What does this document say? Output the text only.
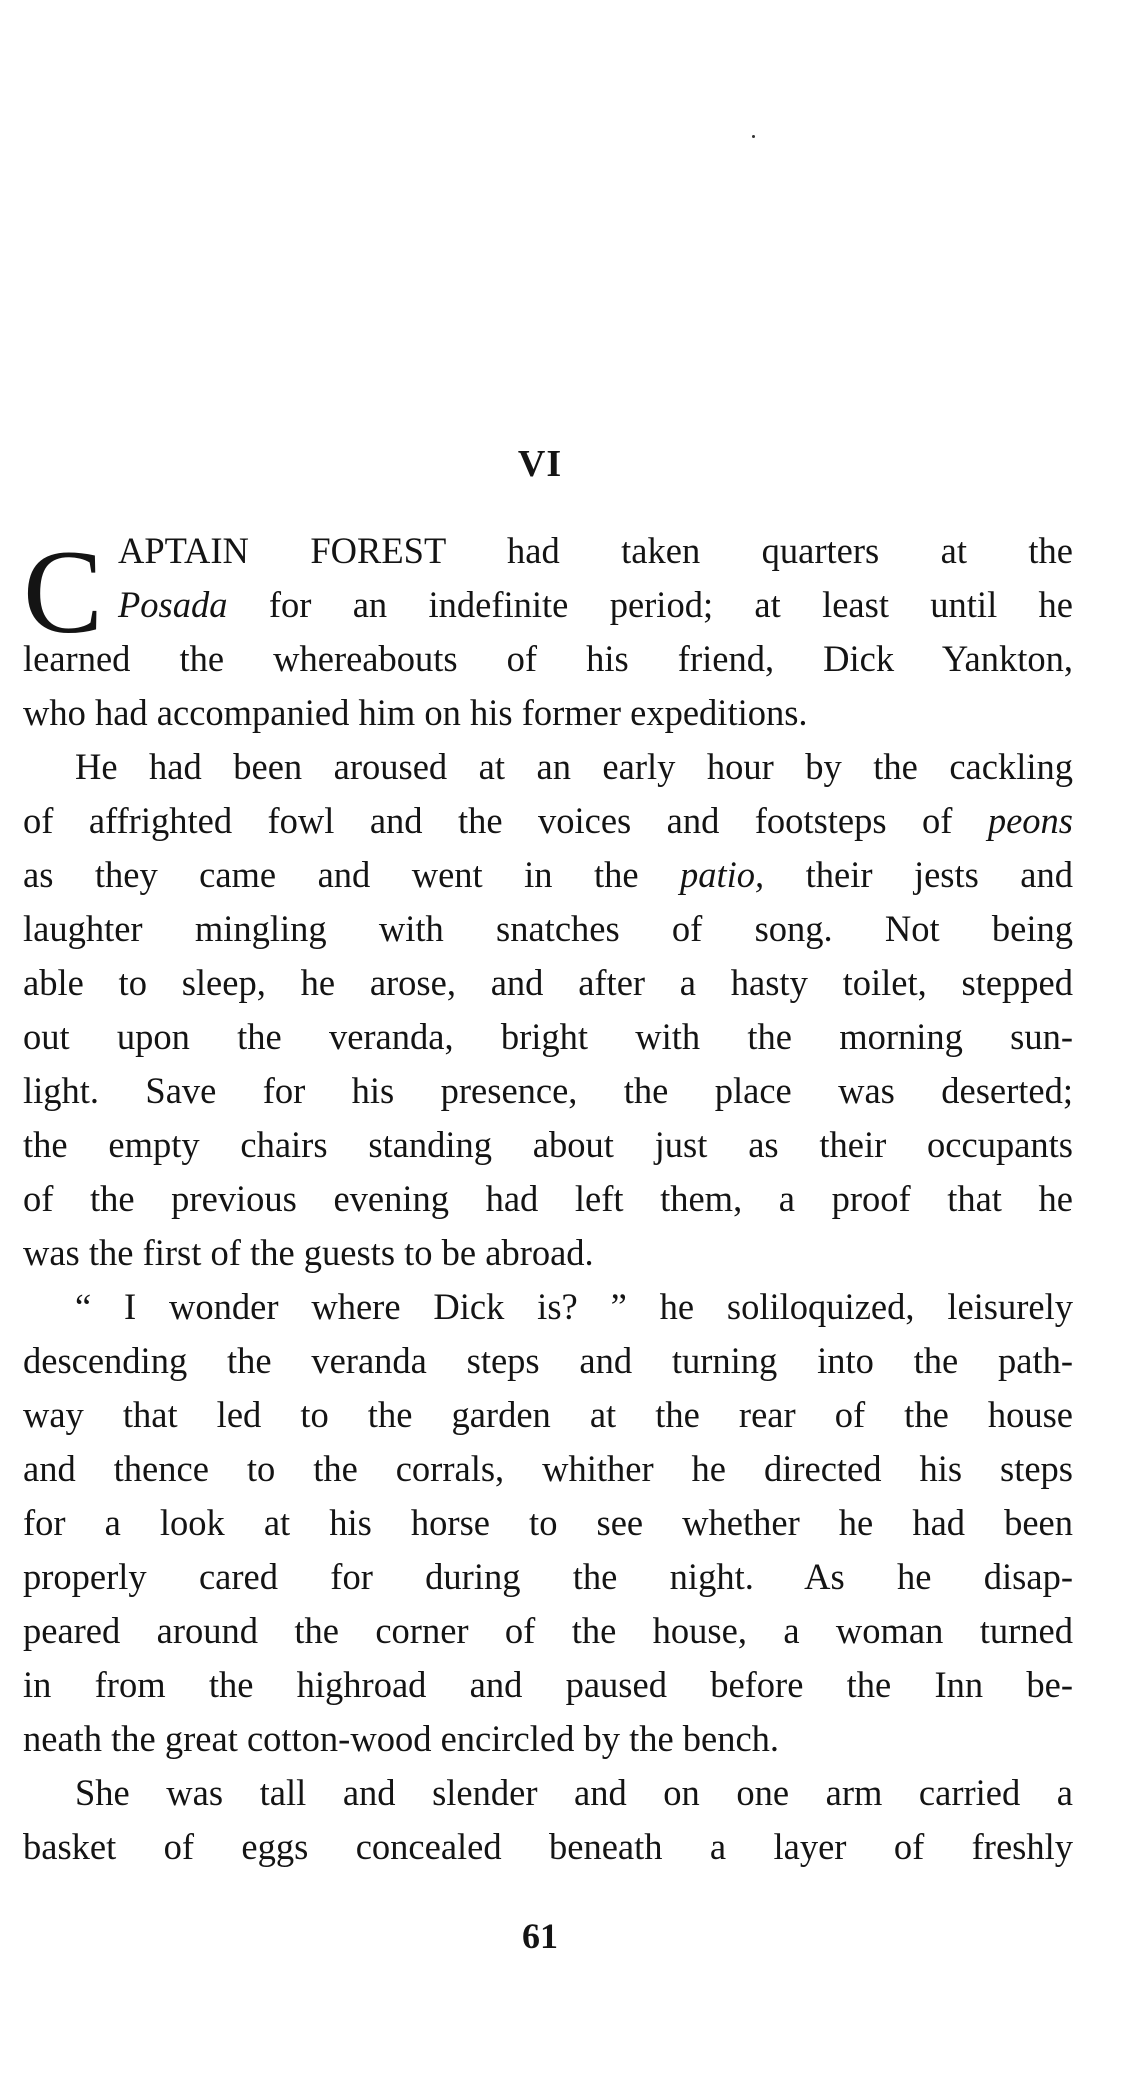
VI
C APTAIN FOREST had taken quarters at the
Posada for an indefinite period; at least until he
learned the whereabouts of his friend, Dick Yankton,
who had accompanied him on his former expeditions.
He had been aroused at an early hour by the cackling
of affrighted fowl and the voices and footsteps of peons
as they came and went in the patio, their jests and
laughter mingling with snatches of song. Not being
able to sleep, he arose, and after a hasty toilet, stepped
out upon the veranda, bright with the morning sun-
light. Save for his presence, the place was deserted;
the empty chairs standing about just as their occupants
of the previous evening had left them, a proof that he
was the first of the guests to be abroad.
“ I wonder where Dick is? ” he soliloquized, leisurely
descending the veranda steps and turning into the path-
way that led to the garden at the rear of the house
and thence to the corrals, whither he directed his steps
for a look at his horse to see whether he had been
properly cared for during the night. As he disap-
peared around the corner of the house, a woman turned
in from the highroad and paused before the Inn be-
neath the great cotton-wood encircled by the bench.
She was tall and slender and on one arm carried a
basket of eggs concealed beneath a layer of freshly
61
